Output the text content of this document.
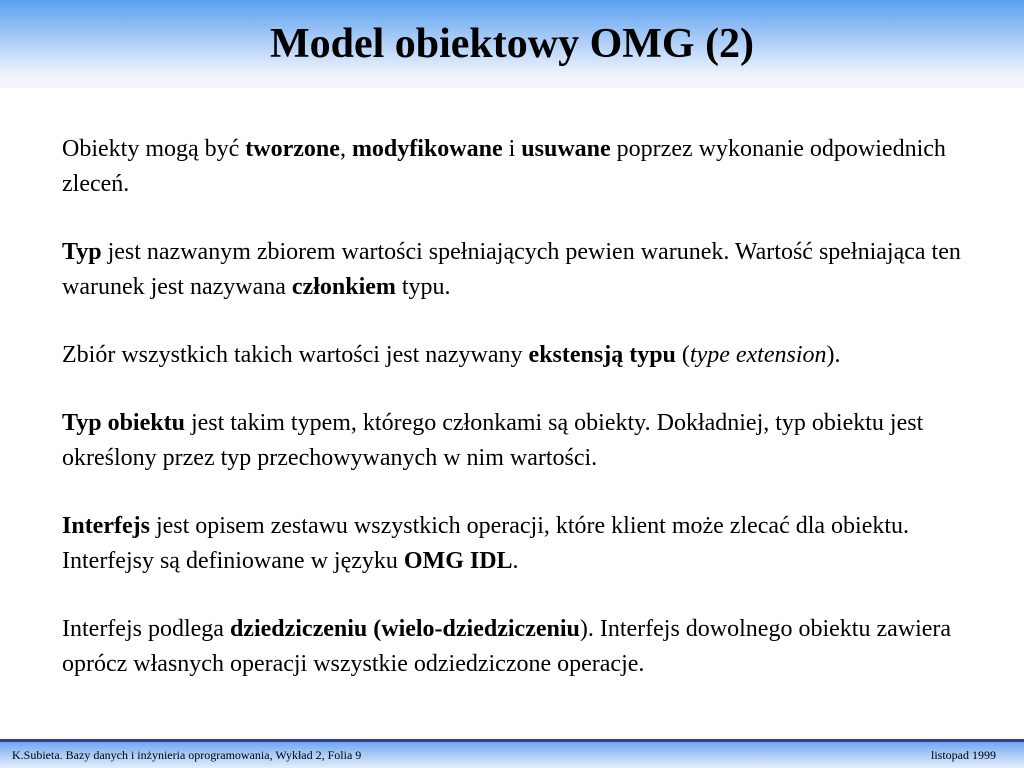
Model obiektowy OMG (2)

Obiekty mogą być tworzone, modyfikowane i usuwane poprzez wykonanie odpowiednich zleceń.

Typ jest nazwanym zbiorem wartości spełniających pewien warunek. Wartość spełniająca ten warunek jest nazywana członkiem typu.

Zbiór wszystkich takich wartości jest nazywany ekstensją typu (type extension).

Typ obiektu jest takim typem, którego członkami są obiekty. Dokładniej, typ obiektu jest określony przez typ przechowywanych w nim wartości.

Interfejs jest opisem zestawu wszystkich operacji, które klient może zlecać dla obiektu. Interfejsy są definiowane w języku OMG IDL.

Interfejs podlega dziedziczeniu (wielo-dziedziczeniu). Interfejs dowolnego obiektu zawiera oprócz własnych operacji wszystkie odziedziczone operacje.

K.Subieta. Bazy danych i inżynieria oprogramowania, Wykład 2, Folia 9	listopad 1999
